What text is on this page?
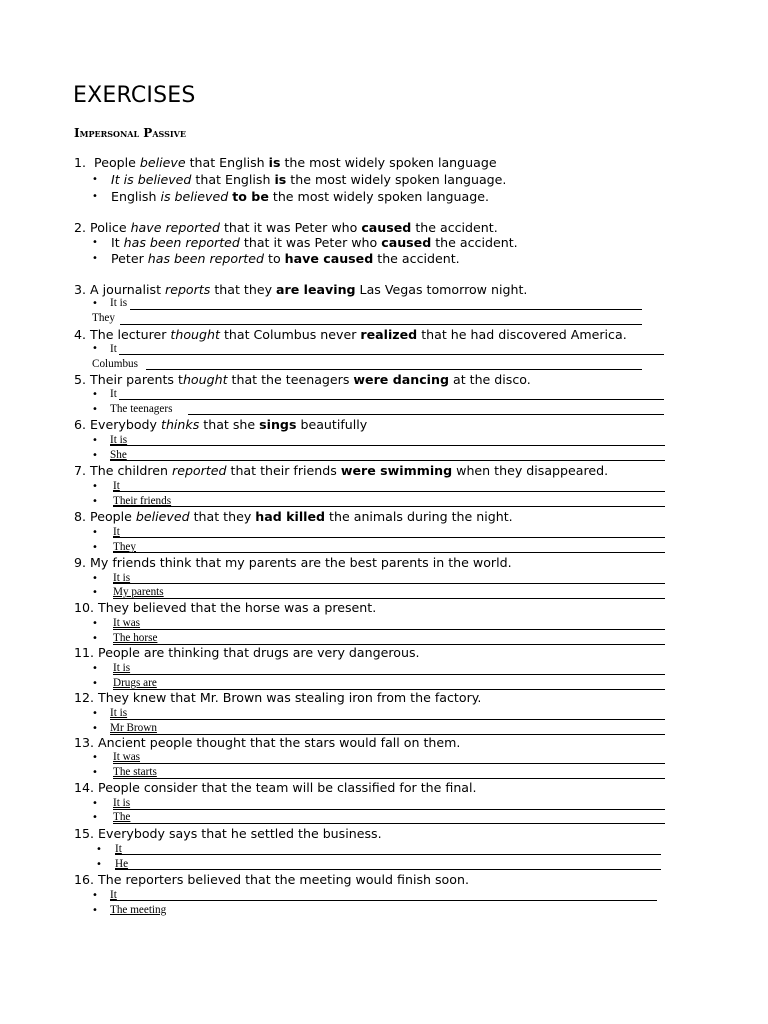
EXERCISES
Impersonal Passive
1. People believe that English is the most widely spoken language
• It is believed that English is the most widely spoken language.
• English is believed to be the most widely spoken language.
2. Police have reported that it was Peter who caused the accident.
• It has been reported that it was Peter who caused the accident.
• Peter has been reported to have caused the accident.
3. A journalist reports that they are leaving Las Vegas tomorrow night.
• It is
They
4. The lecturer thought that Columbus never realized that he had discovered America.
• It
Columbus
5. Their parents thought that the teenagers were dancing at the disco.
• It
• The teenagers
6. Everybody thinks that she sings beautifully
• It is
• She
7. The children reported that their friends were swimming when they disappeared.
• It
• Their friends
8. People believed that they had killed the animals during the night.
• It
• They
9. My friends think that my parents are the best parents in the world.
• It is
• My parents
10. They believed that the horse was a present.
• It was
• The horse
11. People are thinking that drugs are very dangerous.
• It is
• Drugs are
12. They knew that Mr. Brown was stealing iron from the factory.
• It is
• Mr Brown
13. Ancient people thought that the stars would fall on them.
• It was
• The starts
14. People consider that the team will be classified for the final.
• It is
• The
15. Everybody says that he settled the business.
• It
• He
16. The reporters believed that the meeting would finish soon.
• It
• The meeting
